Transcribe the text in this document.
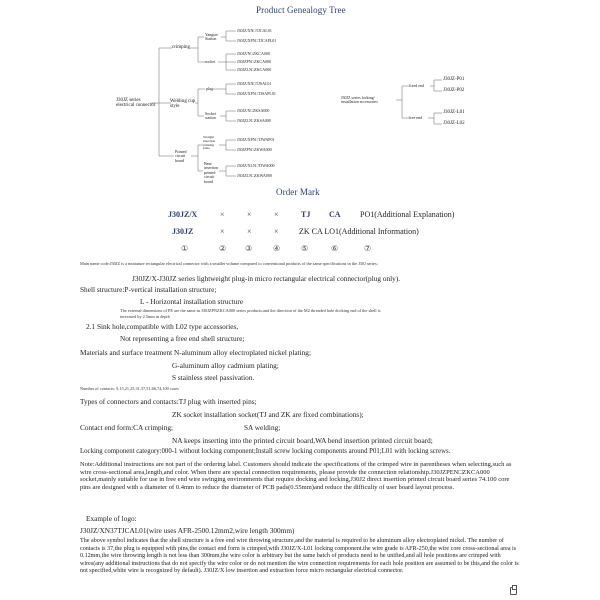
Product Genealogy Tree
J30JZ series
electrical connector
crimping
Yangtze
Station
socket
J30JZ/XN□TJCAL01
J30JZ/XPN□TJCAPL01
J30JZ/N□ZKCA000
J30JZPN□ZKCA000
J30JZLN□ZKCA000
Welding cup
style
plug
Socket
station
J30JZ/XN□TJSAL01
J30JZ/XPN□TJSAPL01
J30JZ/N□ZKSA000
J30JZLN□ZKSA000
Printed
circuit
board
Straight
insertion
printing
plate
Bent
insertion
printed
circuit
board
J30JZ/XPN□TJWAP01
J30JZPN□ZKWA000
J30JZ/XLN□TJWA000
J30JZLN□ZKWA000
J30JZ series locking/
installation accessories
fixed end
free end
J30JZ-P01
J30JZ-P02
J30JZ-L01
J30JZ-L02
Order Mark
J30JZ/X	×	×	×	TJ CA PO1(Additional Explanation)
J30JZ	×	×	×	ZK CA LO1(Additional Information)
①	② ③	④	⑤	⑥	⑦
Main name code:J30JZ is a miniature rectangular electrical connector with a smaller volume compared to conventional products of the same specifications in the J30J series;
J30JZ/X-J30JZ series lightweight plug-in micro rectangular electrical connector(plug only).
Shell structure:P-vertical installation structure;
L - Horizontal installation structure
The external dimensions of PE are the same as J30JZPNZKCA000 series products,and the direction of the M2 threaded hole docking end of the shell is
increased by 2.5mm in depth
2.1 Sink hole,compatible with L02 type accessories,
Not representing a free end shell structure;
Materials and surface treatment N-aluminum alloy electroplated nickel plating;
G-aluminum alloy cadmium plating;
S stainless steel passivation.
Number of contacts: 9,15,21,25,31,37,51,66,74,100 cores
Types of connectors and contacts:TJ plug with inserted pins;
ZK socket installation socket(TJ and ZK are fixed combinations);
Contact end form:CA crimping;	SA welding;
NA keeps inserting into the printed circuit board,WA bend insertion printed circuit board;
Locking component category:000-1 without locking component;Install screw locking components around P01;L01 with locking screws.
Note:Additional instructions are not part of the ordering label. Customers should indicate the specifications of the crimped wire in parentheses when selecting,such as wire cross-sectional area,length,and color. When there are special connection requirements, please provide the connection relationship.J30JZPEN□ZKCA000 socket,mainly suitable for use in free end wire swinging environments that require docking and locking,J30J2 direct insertion printed circuit board series 74.100 core pins are designed with a diameter of 0.4mm to reduce the diameter of PCB pads(0.55mm)and reduce the difficulty of user board layout process.
Example of logo:
J30JZ/XN37TJCAL01(wire uses AFR-2500.12mm2,wire length 300mm)
The above symbol indicates that the shell structure is a free end wire throwing structure,and the material is required to be aluminum alloy electroplated nickel. The number of contacts is 37,the plug is equipped with pins,the contact end form is crimped,with J30JZ/X-L01 locking component.the wire grade is AFR-250,the wire core cross-sectional area is 0.12mm,the wire throwing length is not less than 300mm,the wire color is arbitrary but the same batch of products need to be unified,and all hole positions are crimped with wires(any additional instructions that do not specify the wire color or do not mention the wire connection requirements for each hole position are assumed to be this,and the color is not specified,white wire is recognized by default). J30JZ/X low insertion and extraction force micro rectangular electrical connector.
